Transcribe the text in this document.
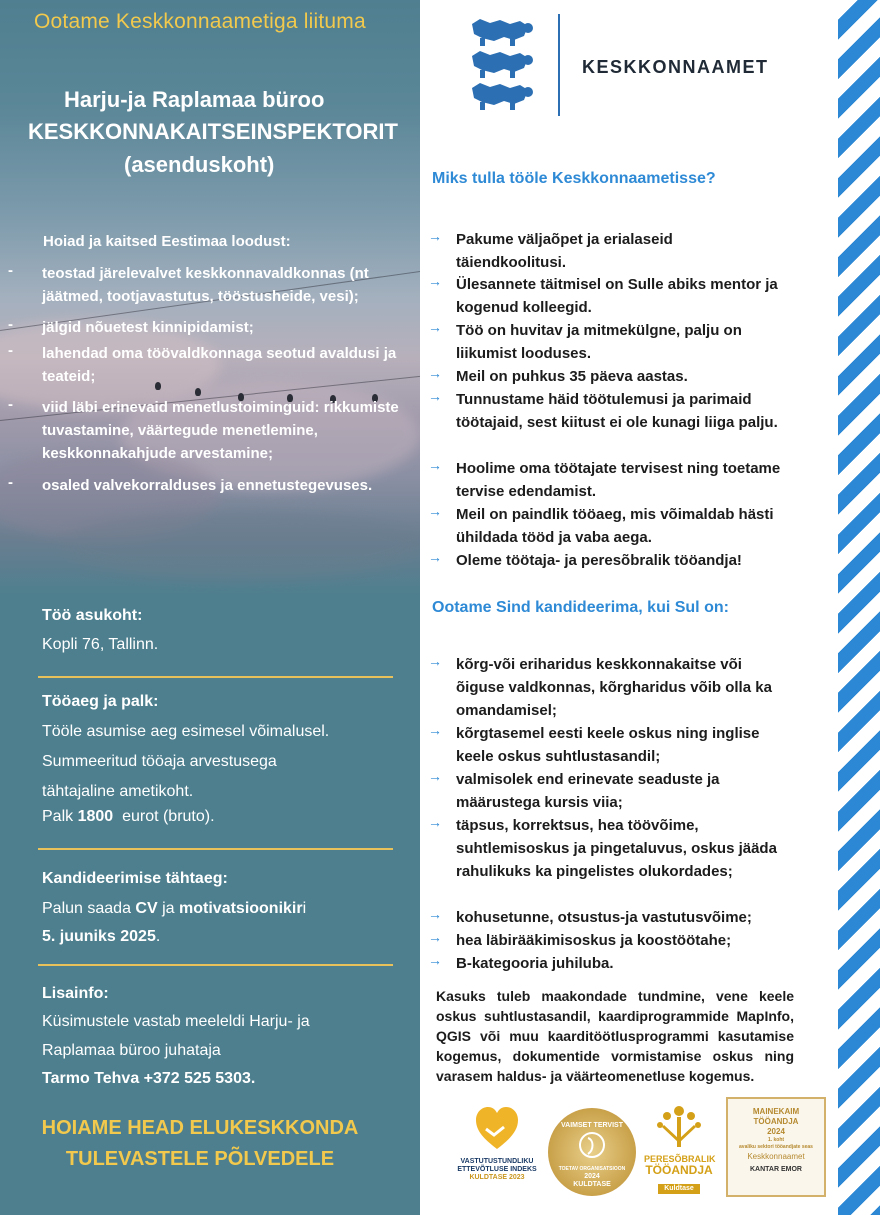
Ootame Keskkonnaametiga liituma
Harju-ja Raplamaa büroo
KESKKONNAKAITSEINSPEKTORIT
(asenduskoht)
Hoiad ja kaitsed Eestimaa loodust:
- teostad järelevalvet keskkonnavaldkonnas (nt jäätmed, tootjavastutus, tööstusheide, vesi);
- jälgid nõuetest kinnipidamist;
- lahendad oma töövaldkonnaga seotud avaldusi ja teateid;
- viid läbi erinevaid menetlustoiminguid: rikkumiste tuvastamine, väärtegude menetlemine, keskkonnakahjude arvestamine;
- osaled valvekorralduses ja ennetustegevuses.
Töö asukoht:
Kopli 76, Tallinn.
Tööaeg ja palk:
Tööle asumise aeg esimesel võimalusel.
Summeeritud tööaja arvestusega
tähtajaline ametikoht.
Palk 1800 eurot (bruto).
Kandideerimise tähtaeg:
Palun saada CV ja motivatsioonikiri
5. juuniks 2025.
Lisainfo:
Küsimustele vastab meeleldi Harju- ja
Raplamaa büroo juhataja
Tarmo Tehva +372 525 5303.
HOIAME HEAD ELUKESKKONDA
TULEVASTELE PÕLVEDELE
KESKKONNAAMET
Miks tulla tööle Keskkonnaametisse?
→ Pakume väljaõpet ja erialaseid täiendkoolitusi.
→ Ülesannete täitmisel on Sulle abiks mentor ja kogenud kolleegid.
→ Töö on huvitav ja mitmekülgne, palju on liikumist looduses.
→ Meil on puhkus 35 päeva aastas.
→ Tunnustame häid töötulemusi ja parimaid töötajaid, sest kiitust ei ole kunagi liiga palju.
→ Hoolime oma töötajate tervisest ning toetame tervise edendamist.
→ Meil on paindlik tööaeg, mis võimaldab hästi ühildada tööd ja vaba aega.
→ Oleme töötaja- ja peresõbralik tööandja!
Ootame Sind kandideerima, kui Sul on:
→ kõrg-või eriharidus keskkonnakaitse või õiguse valdkonnas, kõrgharidus võib olla ka omandamisel;
→ kõrgtasemel eesti keele oskus ning inglise keele oskus suhtlustasandil;
→ valmisolek end erinevate seaduste ja määrustega kursis viia;
→ täpsus, korrektsus, hea töövõime, suhtlemisoskus ja pingetaluvus, oskus jääda rahulikuks ka pingelistes olukordades;
→ kohusetunne, otsustus-ja vastutusvõime;
→ hea läbirääkimisoskus ja koostöötahe;
→ B-kategooria juhiluba.
Kasuks tuleb maakondade tundmine, vene keele oskus suhtlustasandil, kaardiprogrammide MapInfo, QGIS või muu kaarditöötlusprogrammi kasutamise kogemus, dokumentide vormistamise oskus ning varasem haldus- ja väärteomenetluse kogemus.
VASTUTUSTUNDLIKU
ETTEVÕTLUSE INDEKS
KULDTASE 2023
VAIMSET TERVIST
TOETAV ORGANISATSIOON
2024
KULDTASE
PERESÕBRALIK
TÖÖANDJA
Kuldtase
MAINEKAIM
TÖÖANDJA
2024
1. koht
avaliku sektori tööandjate seas
Keskkonnaamet
KANTAR EMOR
